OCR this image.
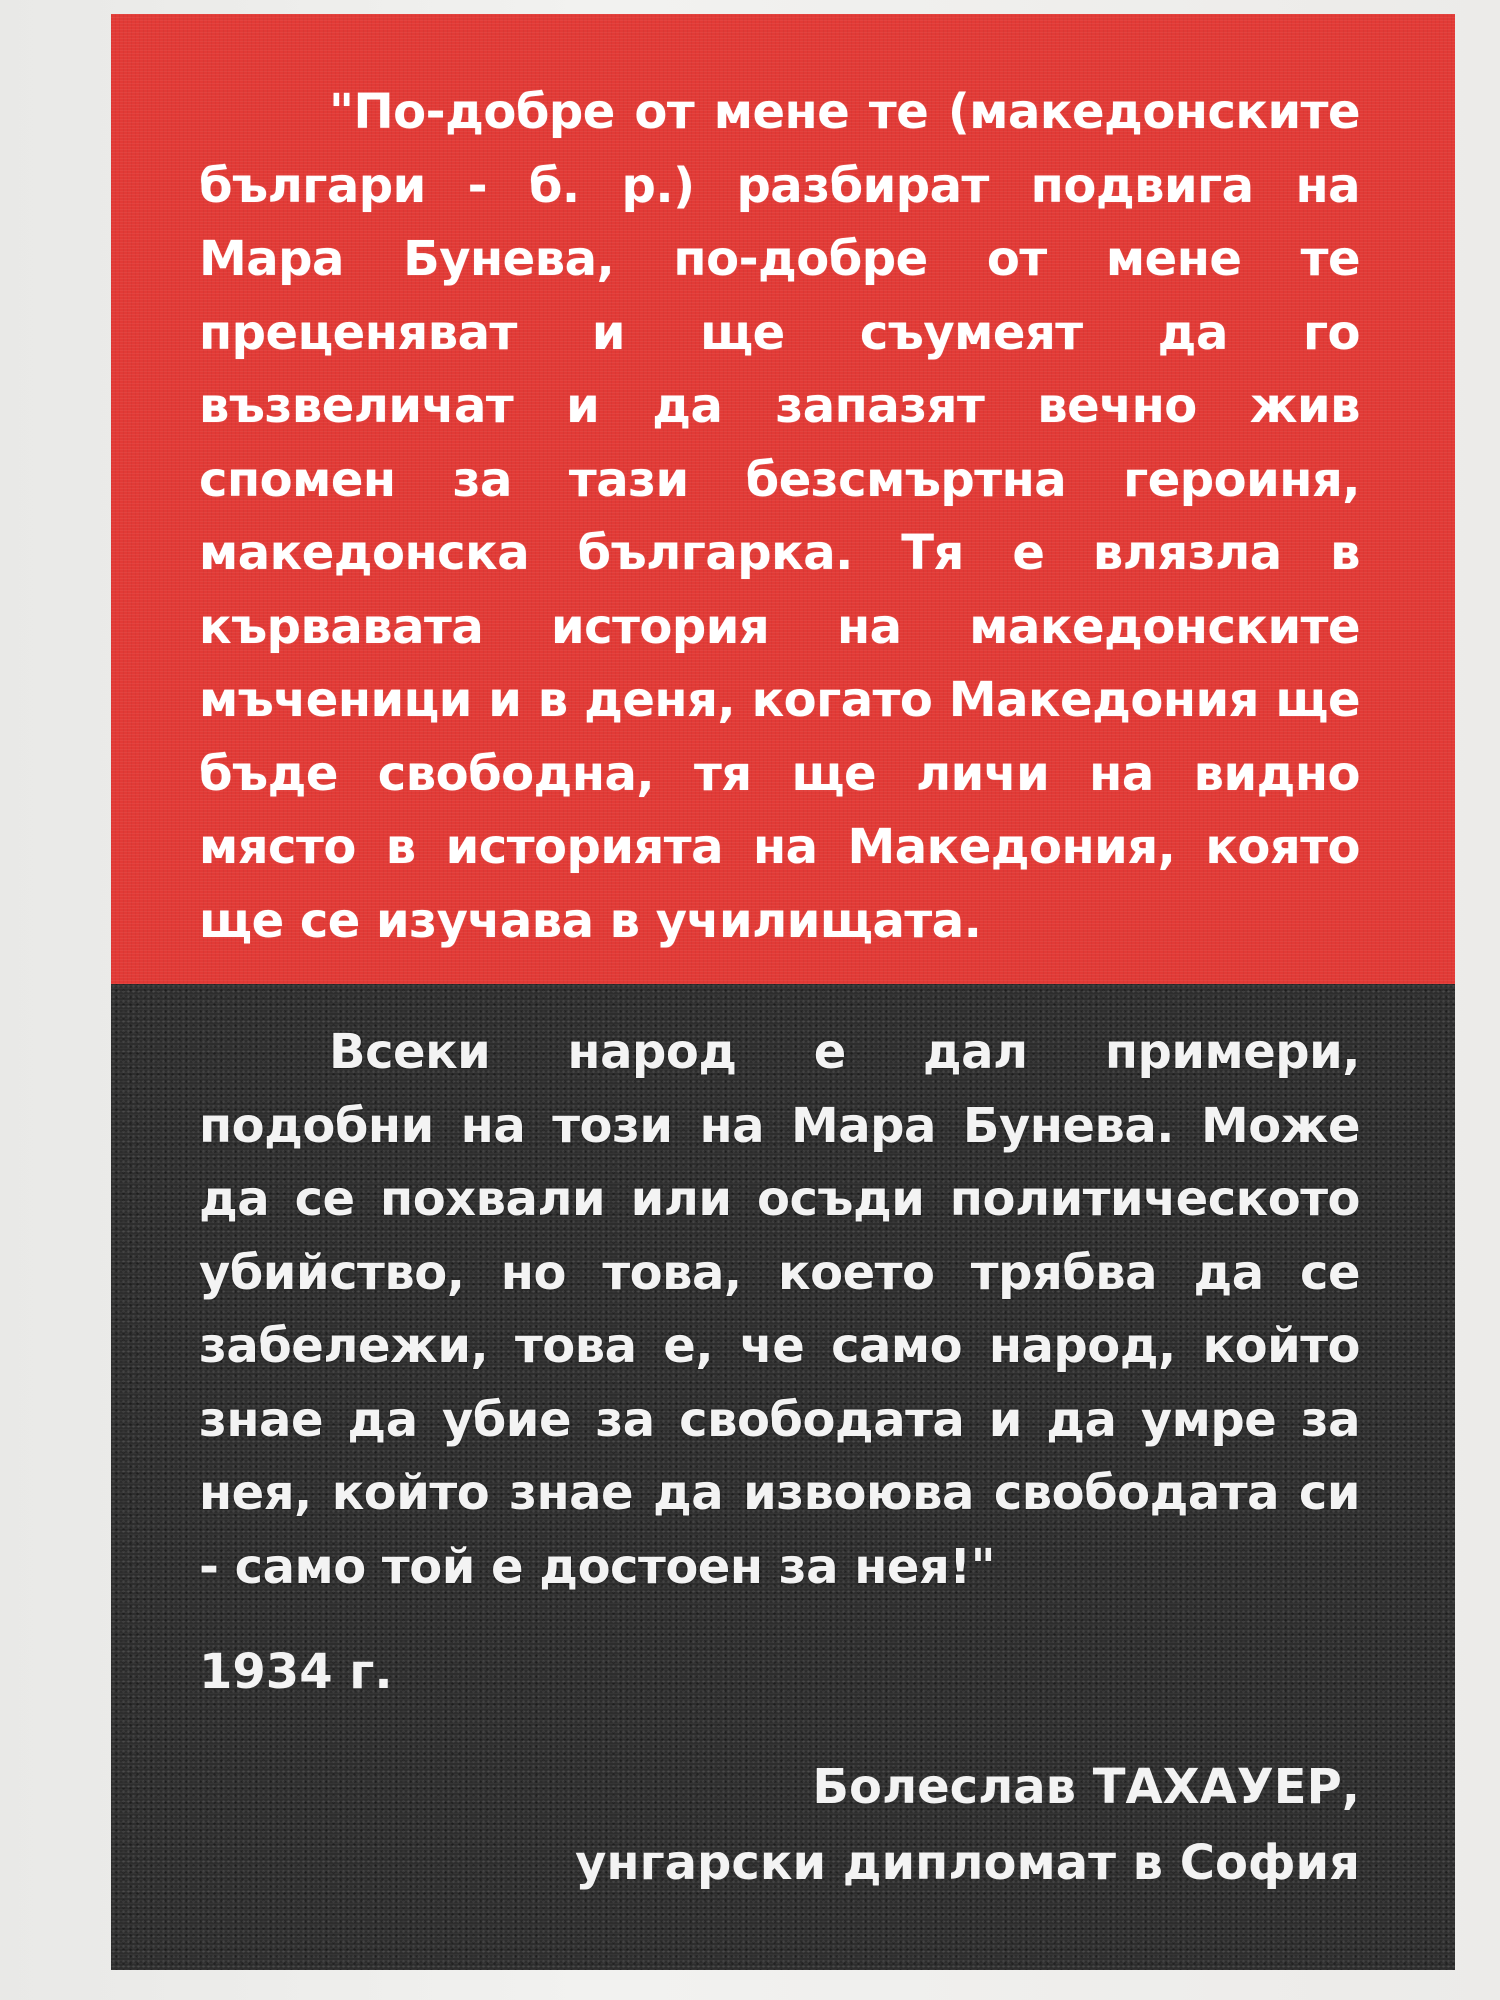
"По-добре от мене те (македонските българи - б. р.) разбират подвига на Мара Бунева, по-добре от мене те преценяват и ще съумеят да го възвеличат и да запазят вечно жив спомен за тази безсмъртна героиня, македонска българка. Тя е влязла в кървавата история на македонските мъченици и в деня, когато Македония ще бъде свободна, тя ще личи на видно място в историята на Македония, която ще се изучава в училищата.

Всеки народ е дал примери, подобни на този на Мара Бунева. Може да се похвали или осъди политическото убийство, но това, което трябва да се забележи, това е, че само народ, който знае да убие за свободата и да умре за нея, който знае да извоюва свободата си - само той е достоен за нея!"

1934 г.

Болеслав ТАХАУЕР,
унгарски дипломат в София
